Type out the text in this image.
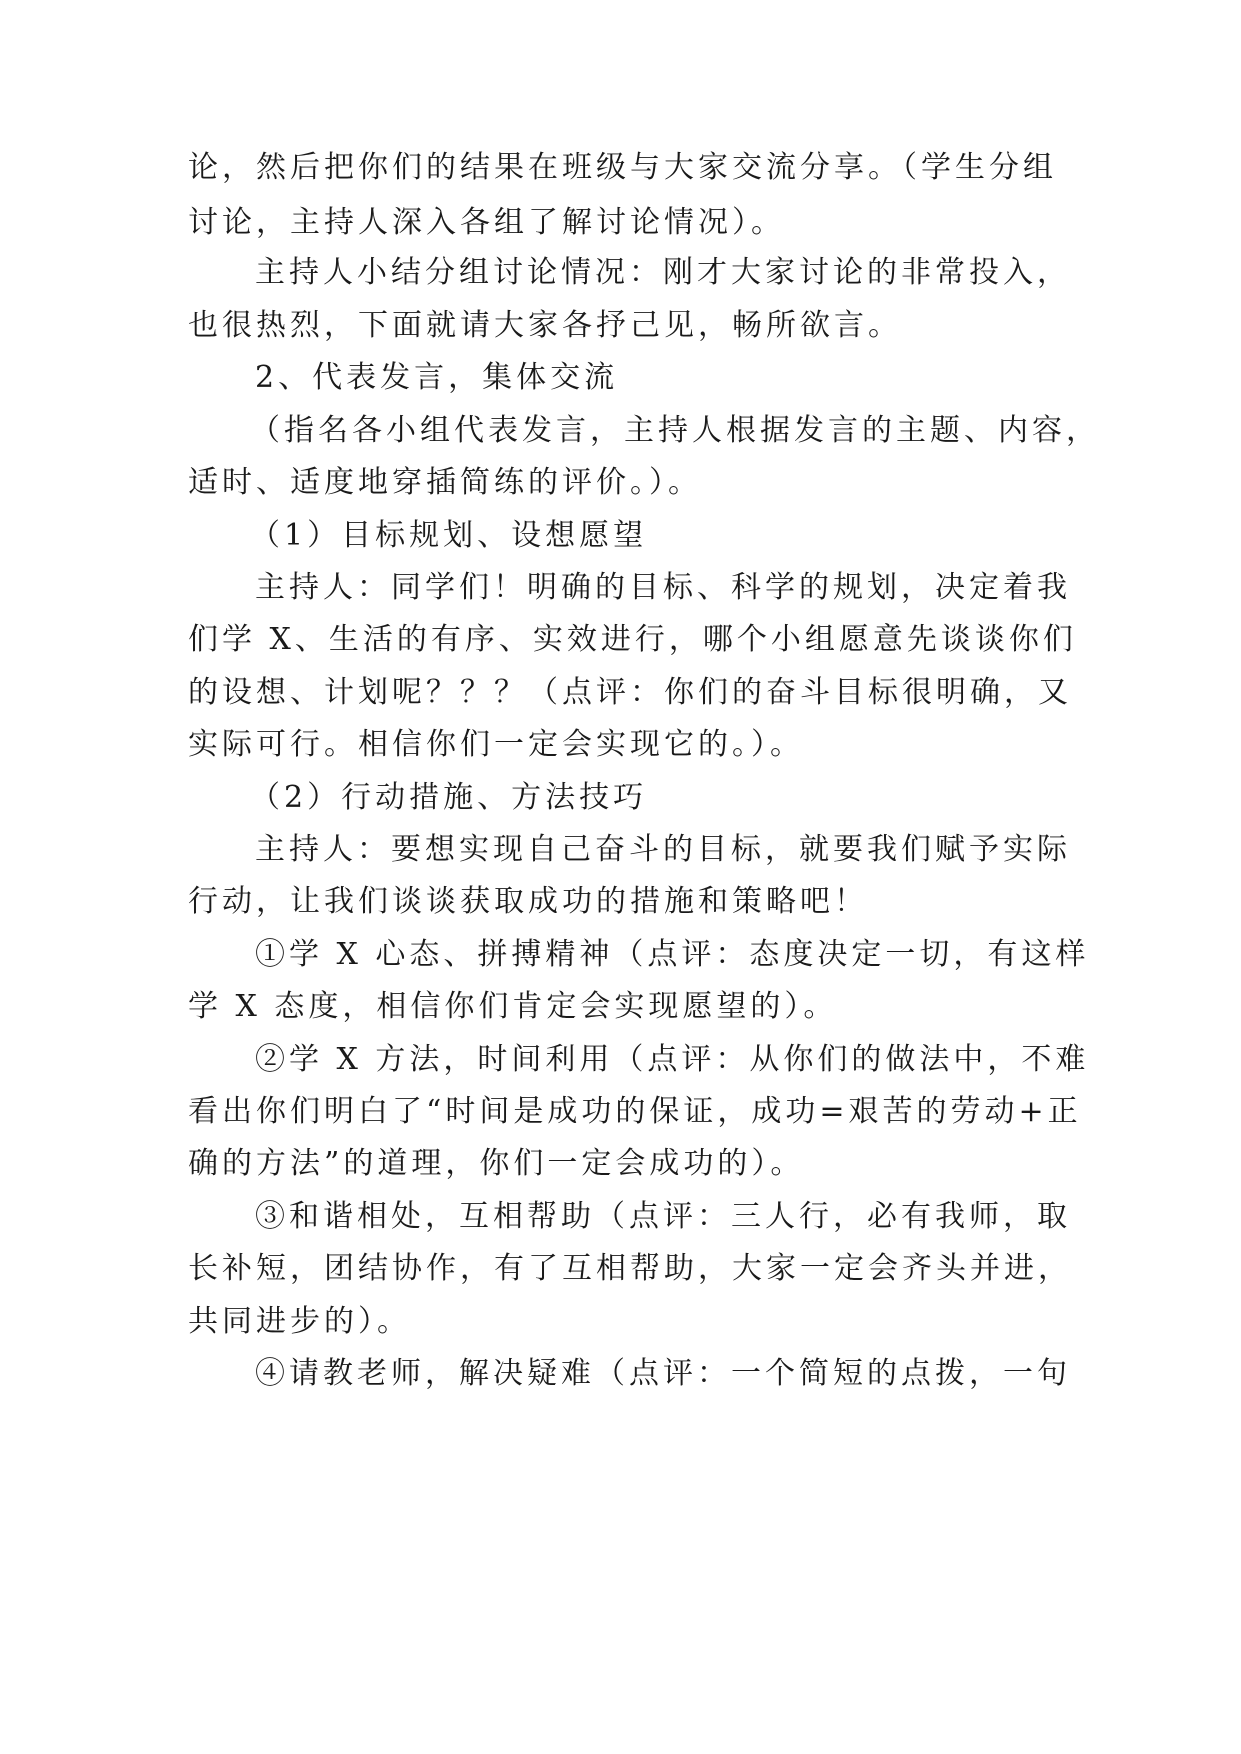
论，然后把你们的结果在班级与大家交流分享。（学生分组
讨论，主持人深入各组了解讨论情况）。
主持人小结分组讨论情况：刚才大家讨论的非常投入，
也很热烈，下面就请大家各抒己见，畅所欲言。
2、代表发言，集体交流
（指名各小组代表发言，主持人根据发言的主题、内容，
适时、适度地穿插简练的评价。）。
（1）目标规划、设想愿望
主持人：同学们！明确的目标、科学的规划，决定着我
们学 X、生活的有序、实效进行，哪个小组愿意先谈谈你们
的设想、计划呢？？？（点评：你们的奋斗目标很明确，又
实际可行。相信你们一定会实现它的。）。
（2）行动措施、方法技巧
主持人：要想实现自己奋斗的目标，就要我们赋予实际
行动，让我们谈谈获取成功的措施和策略吧！
①学 X 心态、拼搏精神（点评：态度决定一切，有这样
学 X 态度，相信你们肯定会实现愿望的）。
②学 X 方法，时间利用（点评：从你们的做法中，不难
看出你们明白了“时间是成功的保证，成功=艰苦的劳动+正
确的方法”的道理，你们一定会成功的）。
③和谐相处，互相帮助（点评：三人行，必有我师，取
长补短，团结协作，有了互相帮助，大家一定会齐头并进，
共同进步的）。
④请教老师，解决疑难（点评：一个简短的点拨，一句
